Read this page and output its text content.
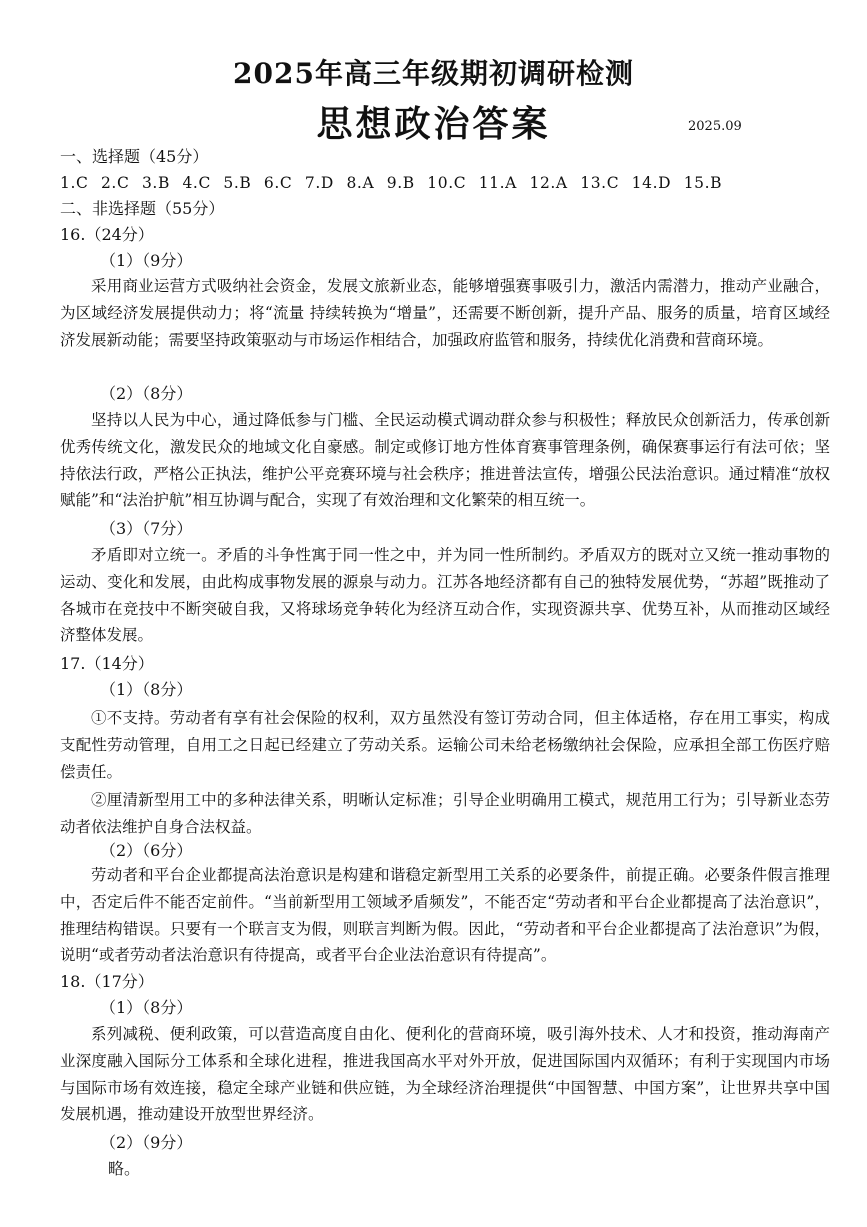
2025年高三年级期初调研检测
思想政治答案	2025.09
一、选择题（45分）
1.C 2.C 3.B 4.C 5.B 6.C 7.D 8.A 9.B 10.C 11.A 12.A 13.C 14.D 15.B
二、非选择题（55分）
16.（24分）
（1）（9分）
采用商业运营方式吸纳社会资金，发展文旅新业态，能够增强赛事吸引力，激活内需潜力，推动产业融合，为区域经济发展提供动力；将“流量 持续转换为“增量”，还需要不断创新，提升产品、服务的质量，培育区域经济发展新动能；需要坚持政策驱动与市场运作相结合，加强政府监管和服务，持续优化消费和营商环境。
（2）（8分）
坚持以人民为中心，通过降低参与门槛、全民运动模式调动群众参与积极性；释放民众创新活力，传承创新优秀传统文化，激发民众的地域文化自豪感。制定或修订地方性体育赛事管理条例，确保赛事运行有法可依；坚持依法行政，严格公正执法，维护公平竞赛环境与社会秩序；推进普法宣传，增强公民法治意识。通过精准“放权赋能”和“法治护航”相互协调与配合，实现了有效治理和文化繁荣的相互统一。
（3）（7分）
矛盾即对立统一。矛盾的斗争性寓于同一性之中，并为同一性所制约。矛盾双方的既对立又统一推动事物的运动、变化和发展，由此构成事物发展的源泉与动力。江苏各地经济都有自己的独特发展优势，“苏超”既推动了各城市在竞技中不断突破自我，又将球场竞争转化为经济互动合作，实现资源共享、优势互补，从而推动区域经济整体发展。
17.（14分）
（1）（8分）
①不支持。劳动者有享有社会保险的权利，双方虽然没有签订劳动合同，但主体适格，存在用工事实，构成支配性劳动管理，自用工之日起已经建立了劳动关系。运输公司未给老杨缴纳社会保险，应承担全部工伤医疗赔偿责任。
②厘清新型用工中的多种法律关系，明晰认定标准；引导企业明确用工模式，规范用工行为；引导新业态劳动者依法维护自身合法权益。
（2）（6分）
劳动者和平台企业都提高法治意识是构建和谐稳定新型用工关系的必要条件，前提正确。必要条件假言推理中，否定后件不能否定前件。“当前新型用工领域矛盾频发”，不能否定“劳动者和平台企业都提高了法治意识”，推理结构错误。只要有一个联言支为假，则联言判断为假。因此，“劳动者和平台企业都提高了法治意识”为假，说明“或者劳动者法治意识有待提高，或者平台企业法治意识有待提高”。
18.（17分）
（1）（8分）
系列减税、便利政策，可以营造高度自由化、便利化的营商环境，吸引海外技术、人才和投资，推动海南产业深度融入国际分工体系和全球化进程，推进我国高水平对外开放，促进国际国内双循环；有利于实现国内市场与国际市场有效连接，稳定全球产业链和供应链，为全球经济治理提供“中国智慧、中国方案”，让世界共享中国发展机遇，推动建设开放型世界经济。
（2）（9分）
略。
